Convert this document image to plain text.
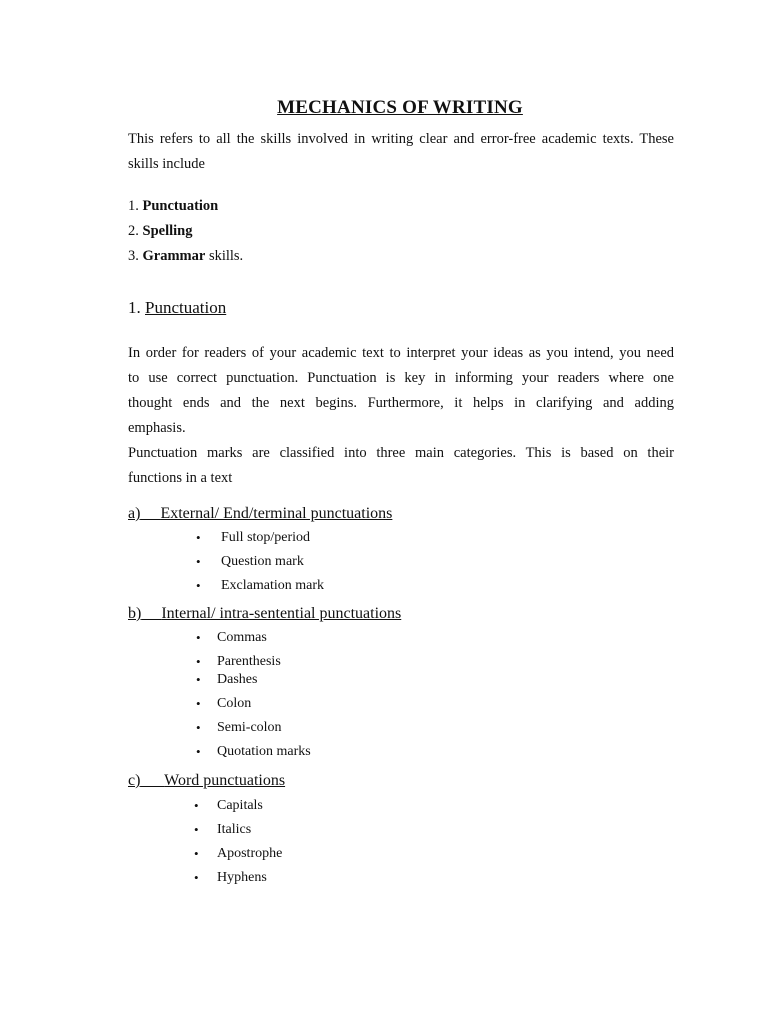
MECHANICS OF WRITING
This refers to all the skills involved in writing clear and error-free academic texts. These
skills include
1. Punctuation
2. Spelling
3. Grammar skills.
1. Punctuation
In order for readers of your academic text to interpret your ideas as you intend, you need
to use correct punctuation. Punctuation is key in informing your readers where one
thought ends and the next begins. Furthermore, it helps in clarifying and adding
emphasis.
Punctuation marks are classified into three main categories. This is based on their
functions in a text
a) External/ End/terminal punctuations
• Full stop/period
• Question mark
• Exclamation mark
b) Internal/ intra-sentential punctuations
• Commas
• Parenthesis
• Dashes
• Colon
• Semi-colon
• Quotation marks
c) Word punctuations
• Capitals
• Italics
• Apostrophe
• Hyphens
